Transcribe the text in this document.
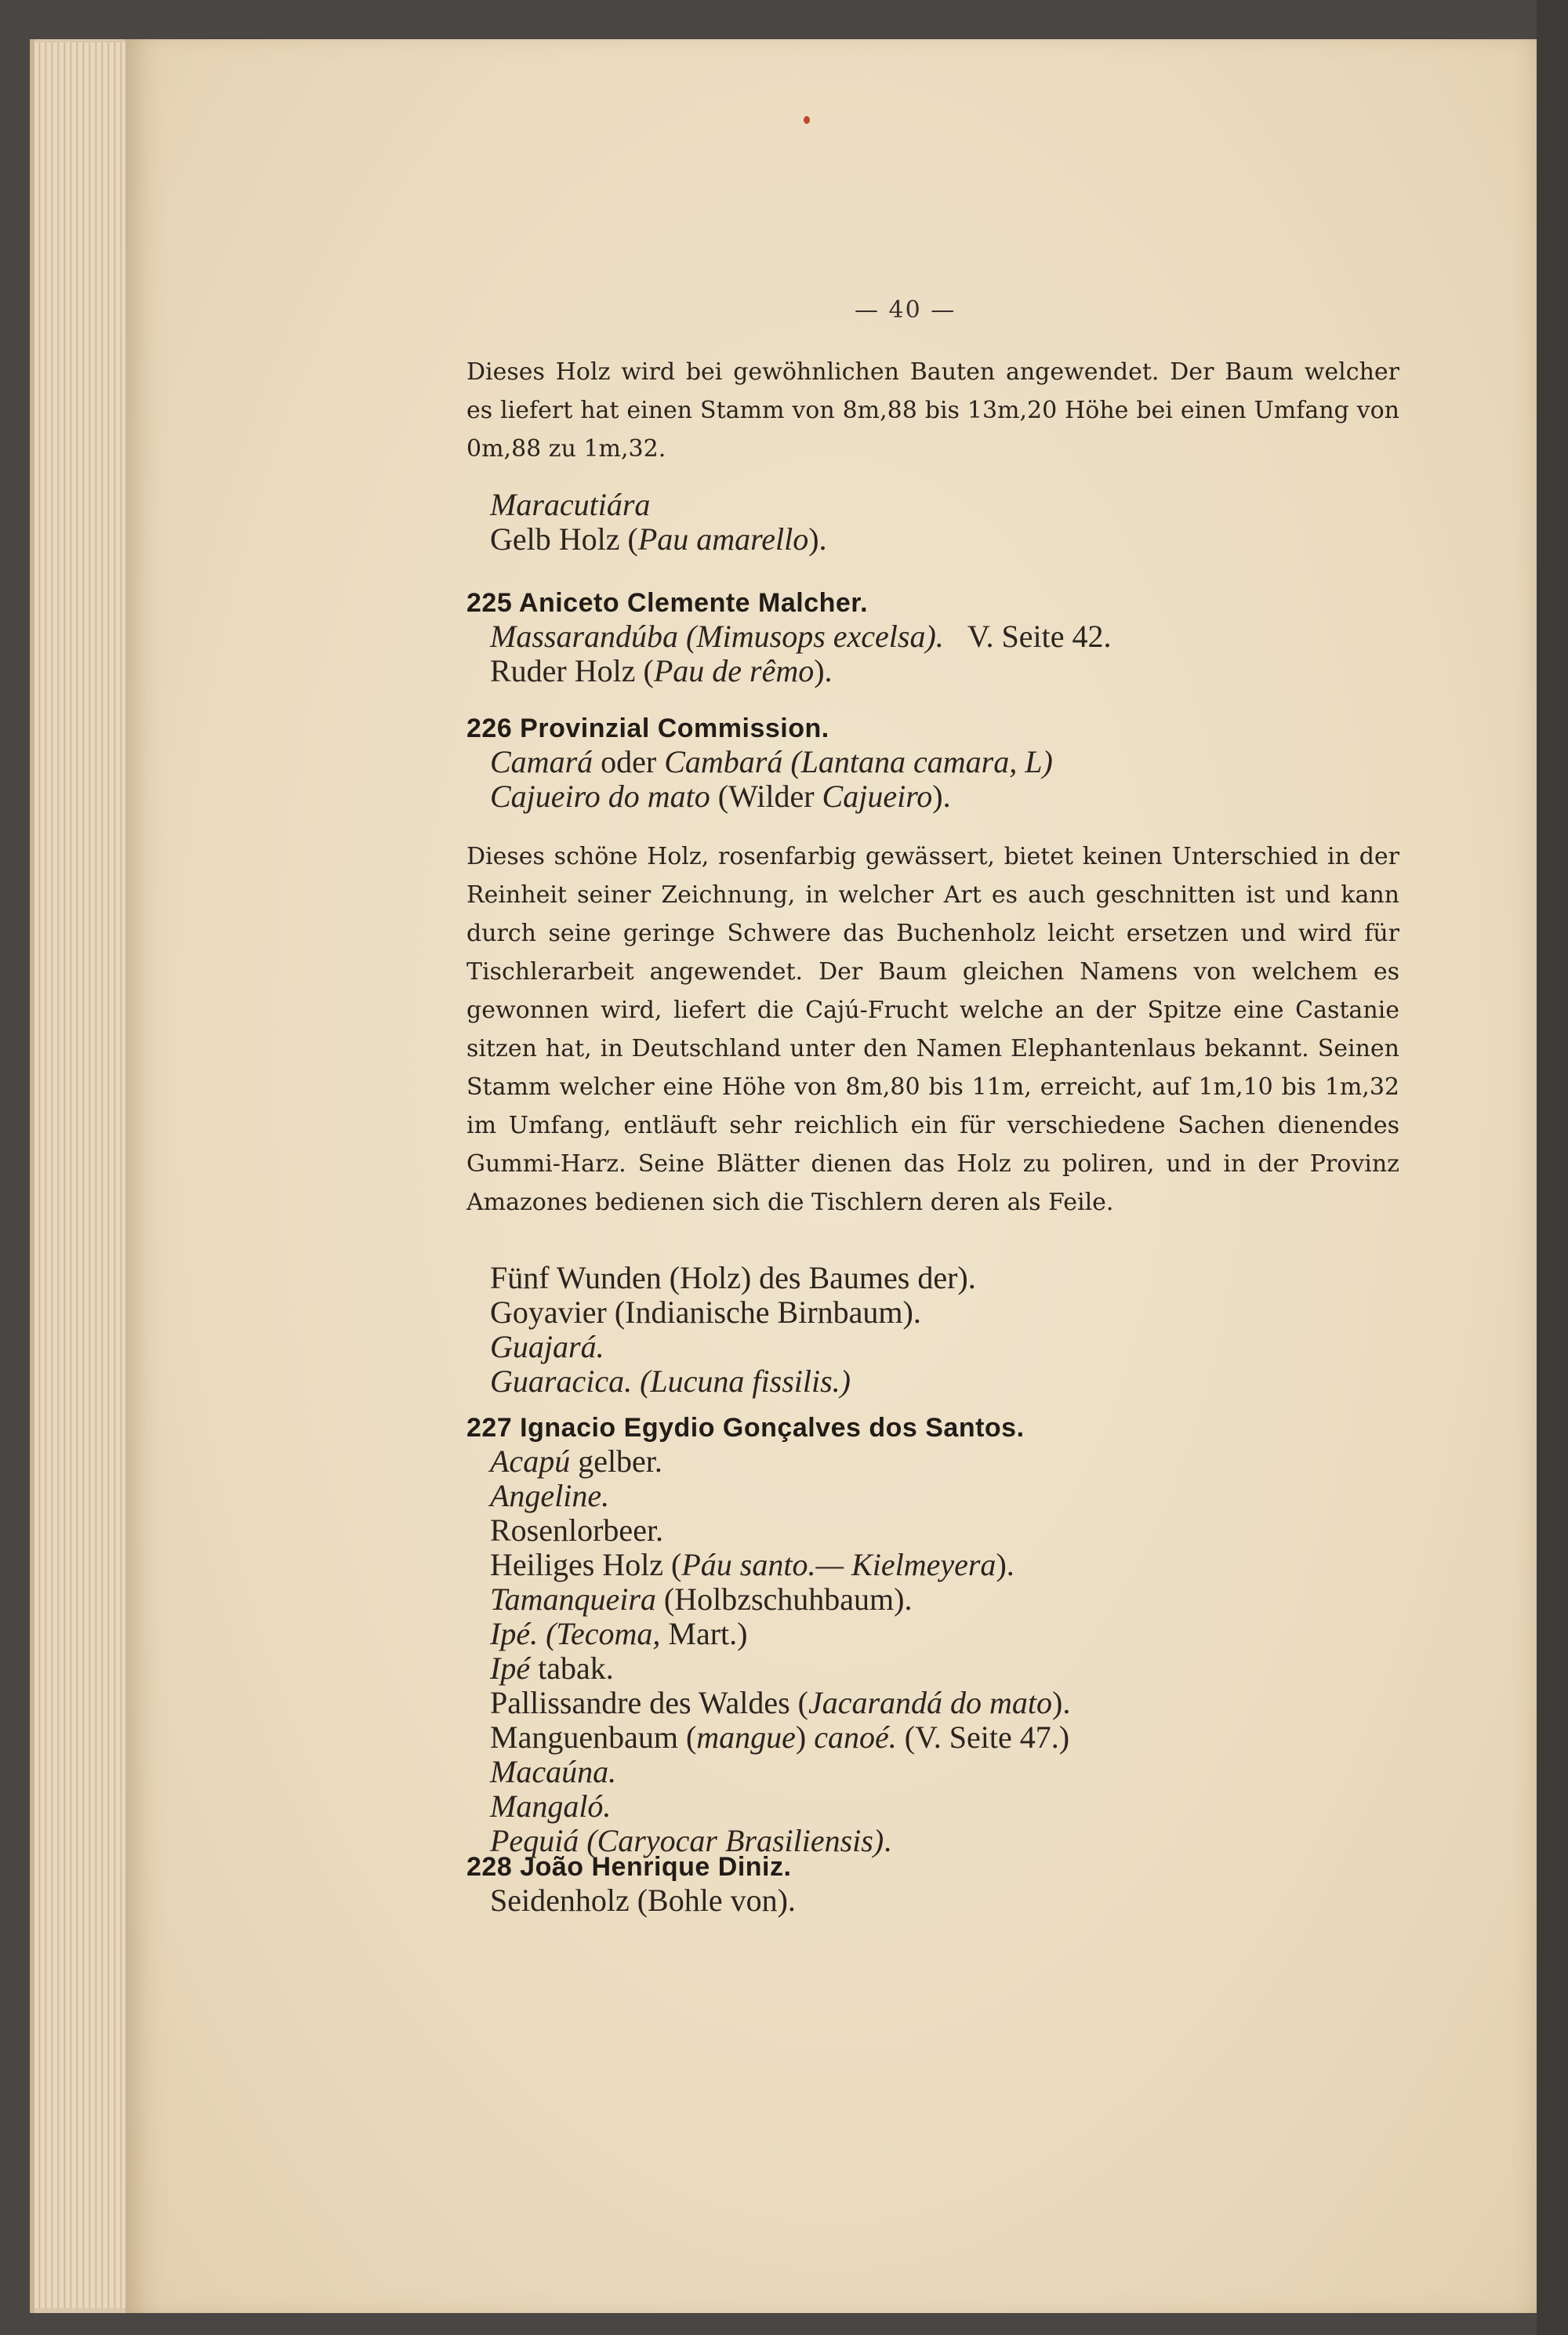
— 40 —

Dieses Holz wird bei gewöhnlichen Bauten angewendet. Der Baum welcher es liefert hat einen Stamm von 8m,88 bis 13m,20 Höhe bei einen Umfang von 0m,88 zu 1m,32.

Maracutiára
Gelb Holz (Pau amarello).
225 Aniceto Clemente Malcher.
Massarandúba (Mimusops excelsa). V. Seite 42.
Ruder Holz (Pau de rêmo).
226 Provinzial Commission.
Camará oder Cambará (Lantana camara, L)
Cajueiro do mato (Wilder Cajueiro).

Dieses schöne Holz, rosenfarbig gewässert, bietet keinen Unterschied in der Reinheit seiner Zeichnung, in welcher Art es auch geschnitten ist und kann durch seine geringe Schwere das Buchenholz leicht ersetzen und wird für Tischlerarbeit angewendet. Der Baum gleichen Namens von welchem es gewonnen wird, liefert die Cajú-Frucht welche an der Spitze eine Castanie sitzen hat, in Deutschland unter den Namen Elephantenlaus bekannt. Seinen Stamm welcher eine Höhe von 8m,80 bis 11m, erreicht, auf 1m,10 bis 1m,32 im Umfang, entläuft sehr reichlich ein für verschiedene Sachen dienendes Gummi-Harz. Seine Blätter dienen das Holz zu poliren, und in der Provinz Amazones bedienen sich die Tischlern deren als Feile.

Fünf Wunden (Holz) des Baumes der).
Goyavier (Indianische Birnbaum).
Guajará.
Guaracica. (Lucuna fissilis.)
227 Ignacio Egydio Gonçalves dos Santos.
Acapú gelber.
Angeline.
Rosenlorbeer.
Heiliges Holz (Páu santo.— Kielmeyera).
Tamanqueira (Holbzschuhbaum).
Ipé. (Tecoma, Mart.)
Ipé tabak.
Pallissandre des Waldes (Jacarandá do mato).
Manguenbaum (mangue) canoé. (V. Seite 47.)
Macaúna.
Mangaló.
Pequiá (Caryocar Brasiliensis).
228 João Henrique Diniz.
Seidenholz (Bohle von).
